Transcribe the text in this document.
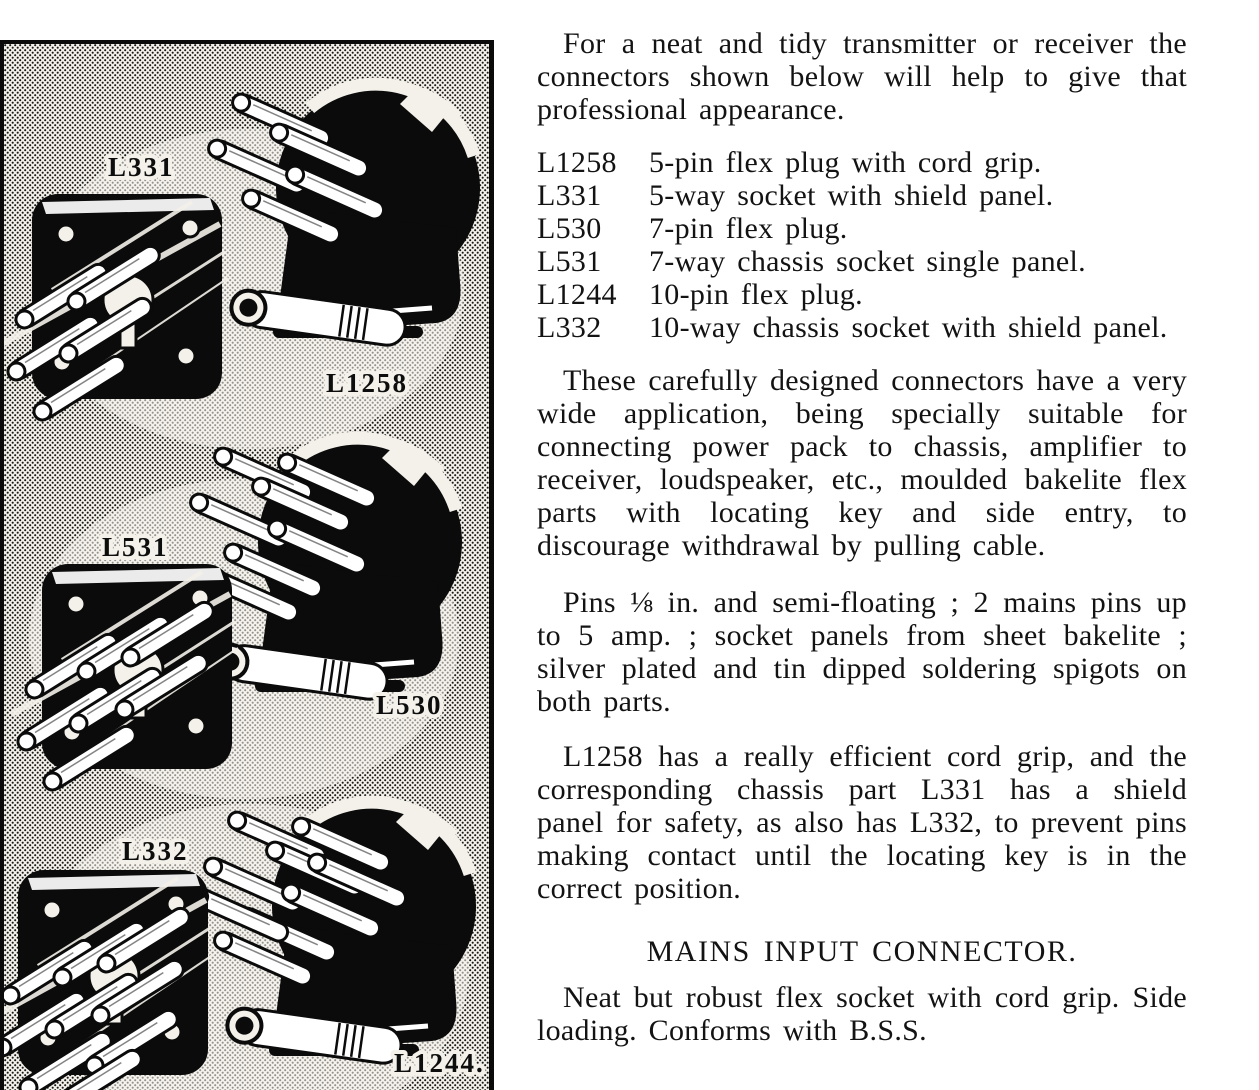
L331
L1258
L531
L530
L332
L1244.

For a neat and tidy transmitter or receiver the connectors shown below will help to give that professional appearance.

L1258	5-pin flex plug with cord grip.
L331	5-way socket with shield panel.
L530	7-pin flex plug.
L531	7-way chassis socket single panel.
L1244	10-pin flex plug.
L332	10-way chassis socket with shield panel.

These carefully designed connectors have a very wide application, being specially suitable for connecting power pack to chassis, amplifier to receiver, loudspeaker, etc., moulded bakelite flex parts with locating key and side entry, to discourage withdrawal by pulling cable.

Pins ⅛ in. and semi-floating ; 2 mains pins up to 5 amp. ; socket panels from sheet bakelite ; silver plated and tin dipped soldering spigots on both parts.

L1258 has a really efficient cord grip, and the corresponding chassis part L331 has a shield panel for safety, as also has L332, to prevent pins making contact until the locating key is in the correct position.

MAINS INPUT CONNECTOR.

Neat but robust flex socket with cord grip. Side loading. Conforms with B.S.S.
